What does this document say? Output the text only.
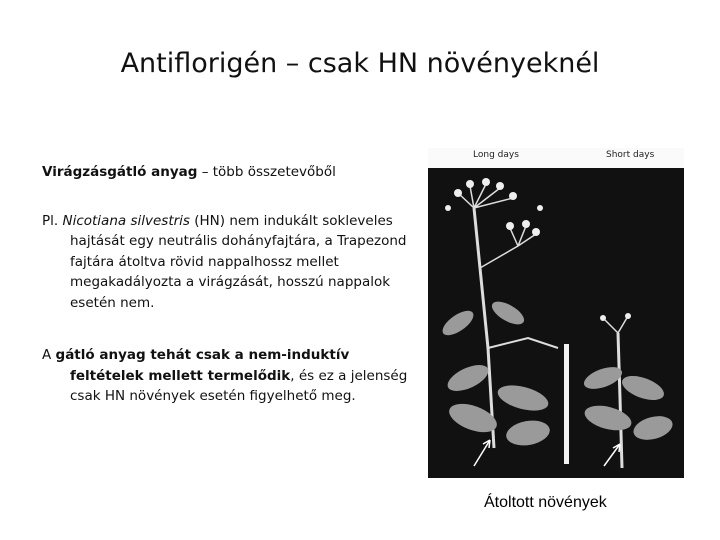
Antiflorigén – csak HN növényeknél

Virágzásgátló anyag – több összetevőből

Pl. Nicotiana silvestris (HN) nem indukált sokleveles hajtását egy neutrális dohányfajtára, a Trapezond fajtára átoltva rövid nappalhossz mellet megakadályozta a virágzását, hosszú nappalok esetén nem.

A gátló anyag tehát csak a nem-induktív feltételek mellett termelődik, és ez a jelenség csak HN növények esetén figyelhető meg.

Long days	Short days
Átoltott növények
